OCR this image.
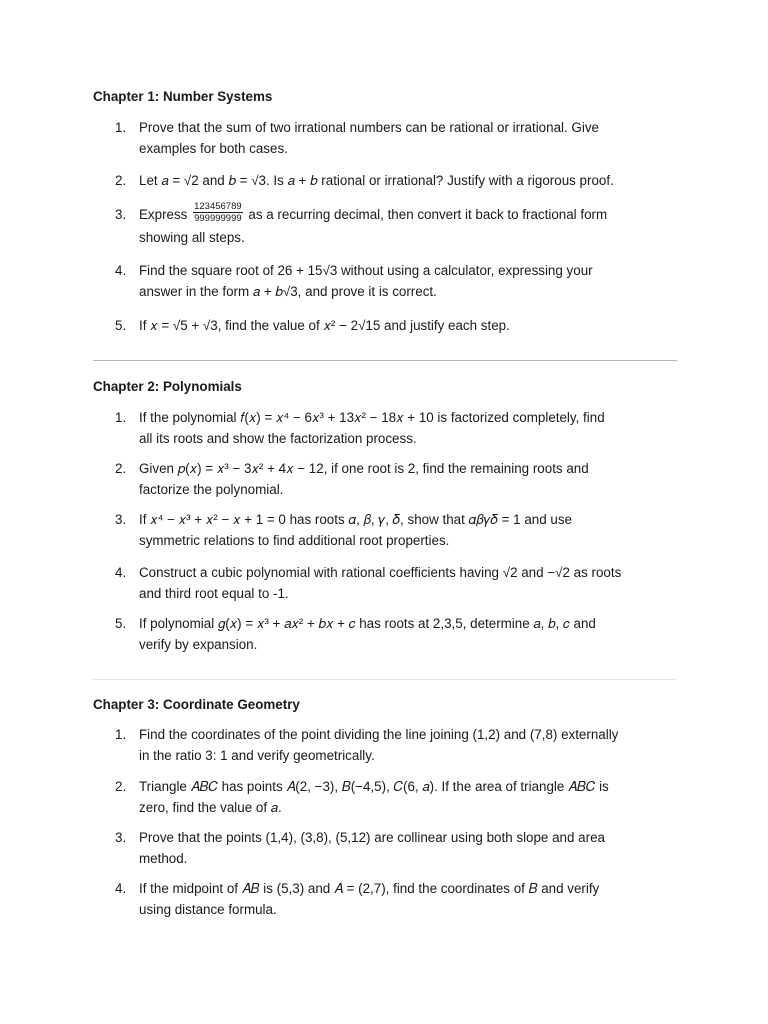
Chapter 1: Number Systems
1. Prove that the sum of two irrational numbers can be rational or irrational. Give
examples for both cases.
2. Let 𝑎 = √2 and 𝑏 = √3. Is 𝑎 + 𝑏 rational or irrational? Justify with a rigorous proof.
3. Express $\frac{123456789}{999999999}$ as a recurring decimal, then convert it back to fractional form
showing all steps.
4. Find the square root of 26 + 15√3 without using a calculator, expressing your
answer in the form 𝑎 + 𝑏√3, and prove it is correct.
5. If 𝑥 = √5 + √3, find the value of 𝑥² − 2√15 and justify each step.
Chapter 2: Polynomials
1. If the polynomial 𝑓(𝑥) = 𝑥⁴ − 6𝑥³ + 13𝑥² − 18𝑥 + 10 is factorized completely, find
all its roots and show the factorization process.
2. Given 𝑝(𝑥) = 𝑥³ − 3𝑥² + 4𝑥 − 12, if one root is 2, find the remaining roots and
factorize the polynomial.
3. If 𝑥⁴ − 𝑥³ + 𝑥² − 𝑥 + 1 = 0 has roots 𝛼, 𝛽, 𝛾, 𝛿, show that 𝛼𝛽𝛾𝛿 = 1 and use
symmetric relations to find additional root properties.
4. Construct a cubic polynomial with rational coefficients having √2 and −√2 as roots
and third root equal to -1.
5. If polynomial 𝑔(𝑥) = 𝑥³ + 𝑎𝑥² + 𝑏𝑥 + 𝑐 has roots at 2,3,5, determine 𝑎, 𝑏, 𝑐 and
verify by expansion.
Chapter 3: Coordinate Geometry
1. Find the coordinates of the point dividing the line joining (1,2) and (7,8) externally
in the ratio 3: 1 and verify geometrically.
2. Triangle 𝐴𝐵𝐶 has points 𝐴(2, −3), 𝐵(−4,5), 𝐶(6, 𝑎). If the area of triangle 𝐴𝐵𝐶 is
zero, find the value of 𝑎.
3. Prove that the points (1,4), (3,8), (5,12) are collinear using both slope and area
method.
4. If the midpoint of 𝐴𝐵 is (5,3) and 𝐴 = (2,7), find the coordinates of 𝐵 and verify
using distance formula.
